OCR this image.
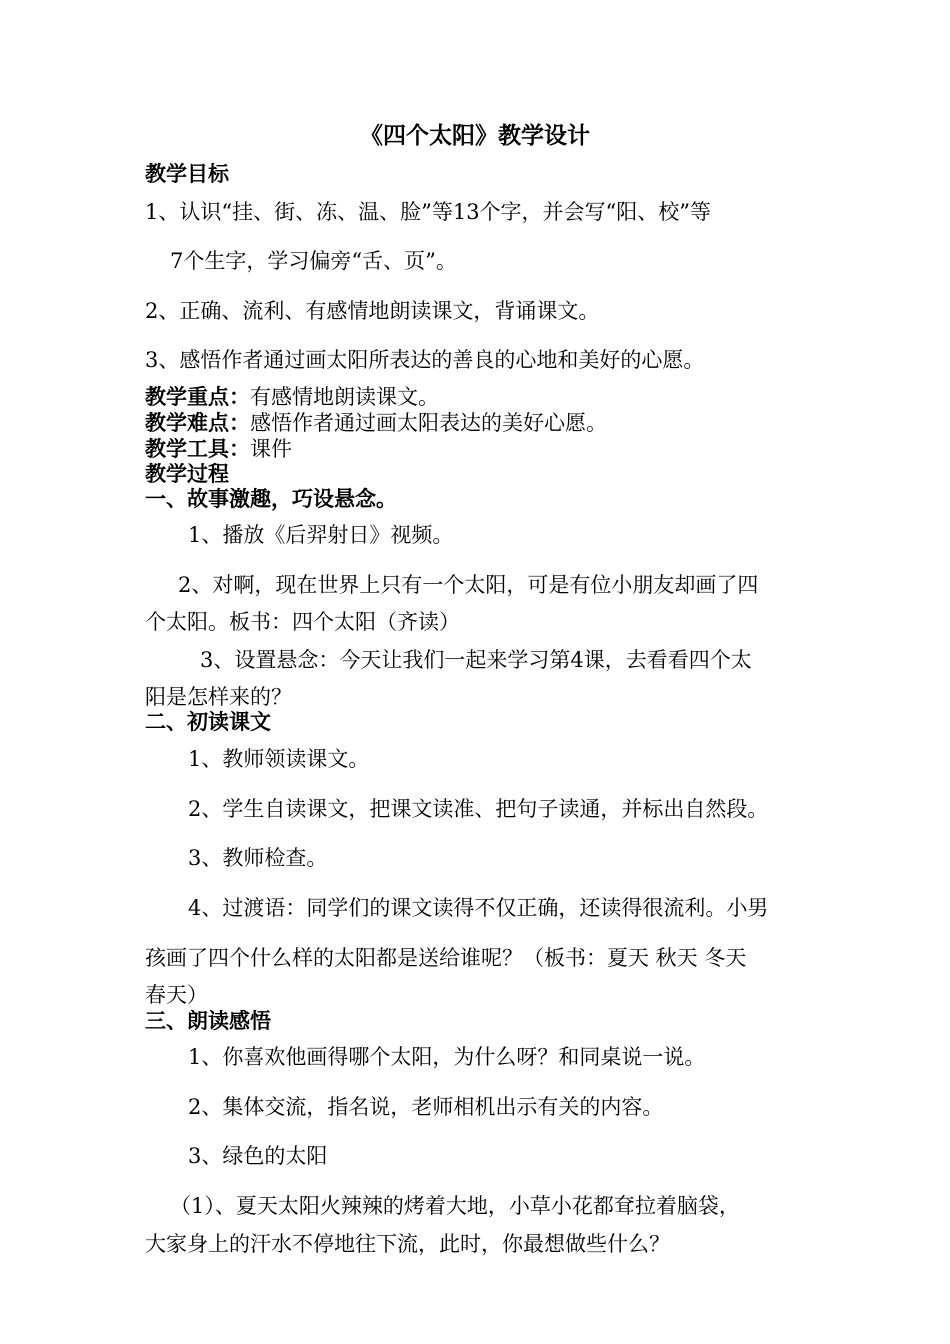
《四个太阳》教学设计
教学目标
1、认识“挂、街、冻、温、脸”等13个字，并会写“阳、校”等
7个生字，学习偏旁“舌、页”。
2、正确、流利、有感情地朗读课文，背诵课文。
3、感悟作者通过画太阳所表达的善良的心地和美好的心愿。
教学重点：有感情地朗读课文。
教学难点：感悟作者通过画太阳表达的美好心愿。
教学工具：课件
教学过程
一、故事激趣，巧设悬念。
1、播放《后羿射日》视频。
2、对啊，现在世界上只有一个太阳，可是有位小朋友却画了四
个太阳。板书：四个太阳（齐读）
3、设置悬念：今天让我们一起来学习第4课，去看看四个太
阳是怎样来的？
二、初读课文
1、教师领读课文。
2、学生自读课文，把课文读准、把句子读通，并标出自然段。
3、教师检查。
4、过渡语：同学们的课文读得不仅正确，还读得很流利。小男
孩画了四个什么样的太阳都是送给谁呢？（板书：夏天 秋天 冬天
春天）
三、朗读感悟
1、你喜欢他画得哪个太阳，为什么呀？和同桌说一说。
2、集体交流，指名说，老师相机出示有关的内容。
3、绿色的太阳
（1）、夏天太阳火辣辣的烤着大地，小草小花都耷拉着脑袋，
大家身上的汗水不停地往下流，此时，你最想做些什么？
